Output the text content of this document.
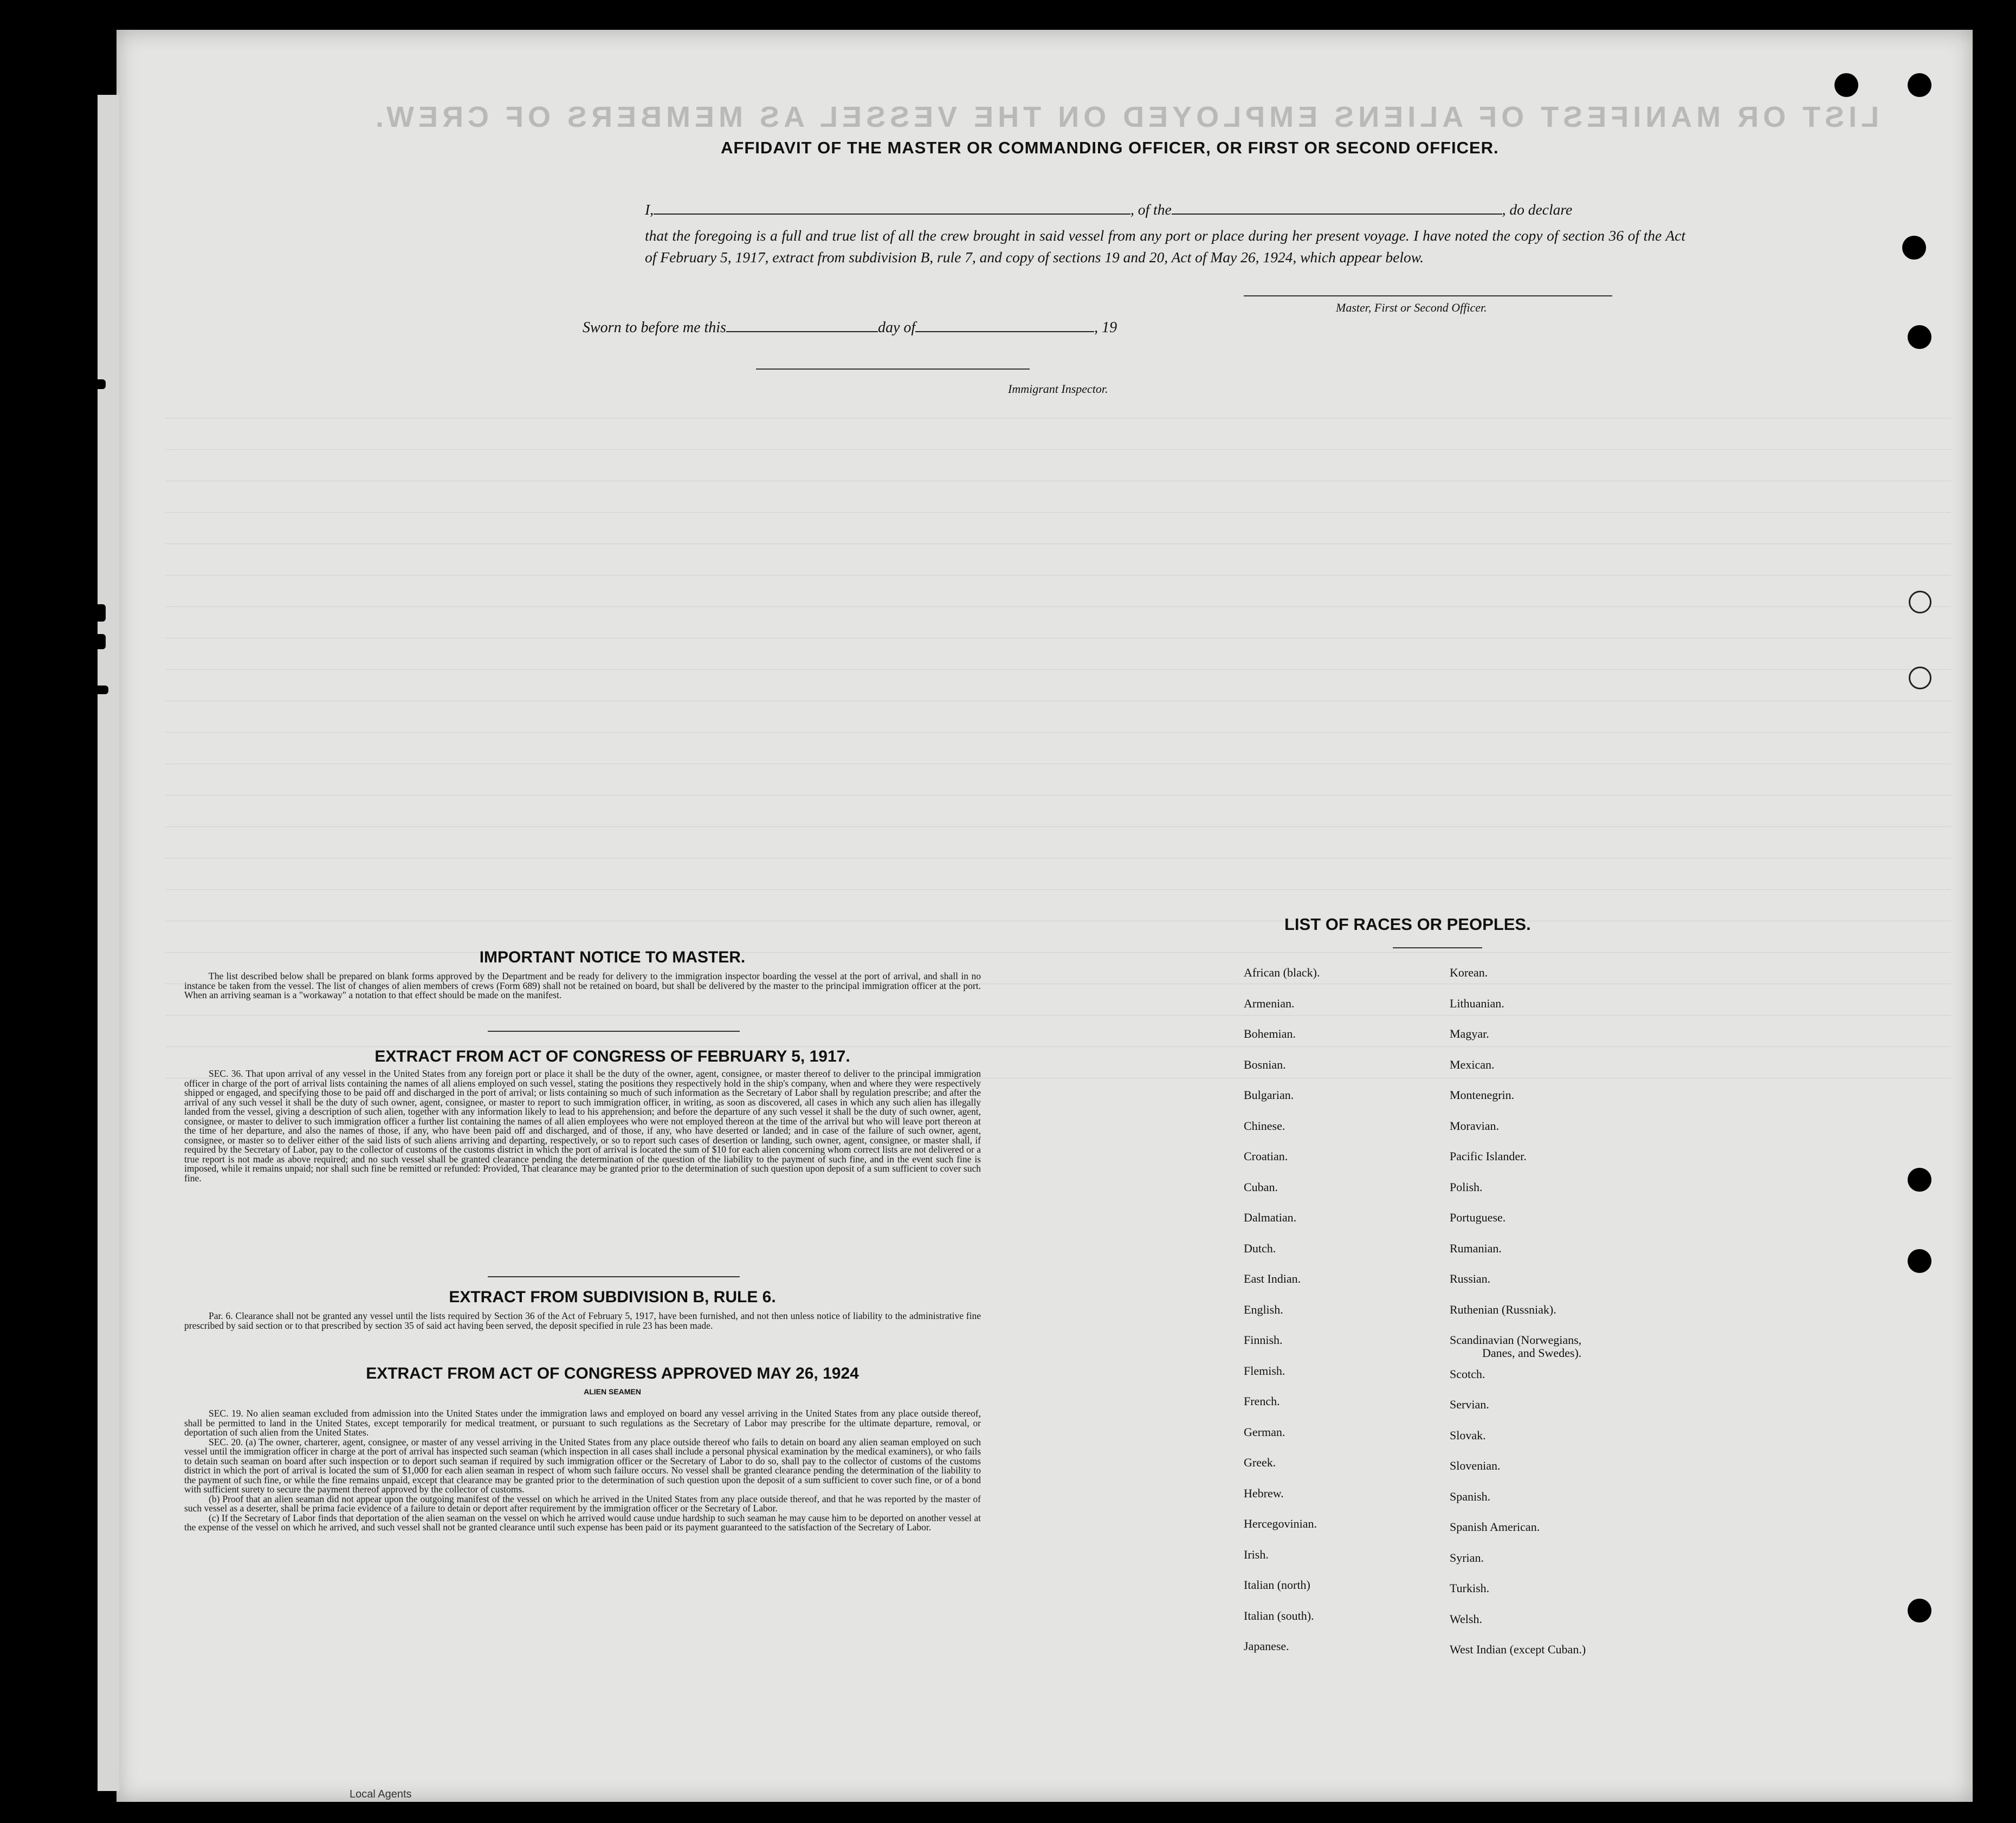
LIST OR MANIFEST OF ALIENS EMPLOYED ON THE VESSEL AS MEMBERS OF CREW.
AFFIDAVIT OF THE MASTER OR COMMANDING OFFICER, OR FIRST OR SECOND OFFICER.
I,	, of the	, do declare
that the foregoing is a full and true list of all the crew brought in said vessel from any port or place during her present voyage. I have noted the copy of section 36 of the Act of February 5, 1917, extract from subdivision B, rule 7, and copy of sections 19 and 20, Act of May 26, 1924, which appear below.
Master, First or Second Officer.
Sworn to before me this	day of	, 19
Immigrant Inspector.
IMPORTANT NOTICE TO MASTER.

The list described below shall be prepared on blank forms approved by the Department and be ready for delivery to the immigration inspector boarding the vessel at the port of arrival, and shall in no instance be taken from the vessel. The list of changes of alien members of crews (Form 689) shall not be retained on board, but shall be delivered by the master to the principal immigration officer at the port. When an arriving seaman is a "workaway" a notation to that effect should be made on the manifest.

EXTRACT FROM ACT OF CONGRESS OF FEBRUARY 5, 1917.

SEC. 36. That upon arrival of any vessel in the United States from any foreign port or place it shall be the duty of the owner, agent, consignee, or master thereof to deliver to the principal immigration officer in charge of the port of arrival lists containing the names of all aliens employed on such vessel, stating the positions they respectively hold in the ship's company, when and where they were respectively shipped or engaged, and specifying those to be paid off and discharged in the port of arrival; or lists containing so much of such information as the Secretary of Labor shall by regulation prescribe; and after the arrival of any such vessel it shall be the duty of such owner, agent, consignee, or master to report to such immigration officer, in writing, as soon as discovered, all cases in which any such alien has illegally landed from the vessel, giving a description of such alien, together with any information likely to lead to his apprehension; and before the departure of any such vessel it shall be the duty of such owner, agent, consignee, or master to deliver to such immigration officer a further list containing the names of all alien employees who were not employed thereon at the time of the arrival but who will leave port thereon at the time of her departure, and also the names of those, if any, who have been paid off and discharged, and of those, if any, who have deserted or landed; and in case of the failure of such owner, agent, consignee, or master so to deliver either of the said lists of such aliens arriving and departing, respectively, or so to report such cases of desertion or landing, such owner, agent, consignee, or master shall, if required by the Secretary of Labor, pay to the collector of customs of the customs district in which the port of arrival is located the sum of $10 for each alien concerning whom correct lists are not delivered or a true report is not made as above required; and no such vessel shall be granted clearance pending the determination of the question of the liability to the payment of such fine, and in the event such fine is imposed, while it remains unpaid; nor shall such fine be remitted or refunded: Provided, That clearance may be granted prior to the determination of such question upon deposit of a sum sufficient to cover such fine.

EXTRACT FROM SUBDIVISION B, RULE 6.

Par. 6. Clearance shall not be granted any vessel until the lists required by Section 36 of the Act of February 5, 1917, have been furnished, and not then unless notice of liability to the administrative fine prescribed by said section or to that prescribed by section 35 of said act having been served, the deposit specified in rule 23 has been made.

EXTRACT FROM ACT OF CONGRESS APPROVED MAY 26, 1924
ALIEN SEAMEN

SEC. 19. No alien seaman excluded from admission into the United States under the immigration laws and employed on board any vessel arriving in the United States from any place outside thereof, shall be permitted to land in the United States, except temporarily for medical treatment, or pursuant to such regulations as the Secretary of Labor may prescribe for the ultimate departure, removal, or deportation of such alien from the United States.

SEC. 20. (a) The owner, charterer, agent, consignee, or master of any vessel arriving in the United States from any place outside thereof who fails to detain on board any alien seaman employed on such vessel until the immigration officer in charge at the port of arrival has inspected such seaman (which inspection in all cases shall include a personal physical examination by the medical examiners), or who fails to detain such seaman on board after such inspection or to deport such seaman if required by such immigration officer or the Secretary of Labor to do so, shall pay to the collector of customs of the customs district in which the port of arrival is located the sum of $1,000 for each alien seaman in respect of whom such failure occurs. No vessel shall be granted clearance pending the determination of the liability to the payment of such fine, or while the fine remains unpaid, except that clearance may be granted prior to the determination of such question upon the deposit of a sum sufficient to cover such fine, or of a bond with sufficient surety to secure the payment thereof approved by the collector of customs.

(b) Proof that an alien seaman did not appear upon the outgoing manifest of the vessel on which he arrived in the United States from any place outside thereof, and that he was reported by the master of such vessel as a deserter, shall be prima facie evidence of a failure to detain or deport after requirement by the immigration officer or the Secretary of Labor.

(c) If the Secretary of Labor finds that deportation of the alien seaman on the vessel on which he arrived would cause undue hardship to such seaman he may cause him to be deported on another vessel at the expense of the vessel on which he arrived, and such vessel shall not be granted clearance until such expense has been paid or its payment guaranteed to the satisfaction of the Secretary of Labor.

LIST OF RACES OR PEOPLES.
African (black).
Armenian.
Bohemian.
Bosnian.
Bulgarian.
Chinese.
Croatian.
Cuban.
Dalmatian.
Dutch.
East Indian.
English.
Finnish.
Flemish.
French.
German.
Greek.
Hebrew.
Hercegovinian.
Irish.
Italian (north)
Italian (south).
Japanese.
Korean.
Lithuanian.
Magyar.
Mexican.
Montenegrin.
Moravian.
Pacific Islander.
Polish.
Portuguese.
Rumanian.
Russian.
Ruthenian (Russniak).
Scandinavian (Norwegians,
Danes, and Swedes).
Scotch.
Servian.
Slovak.
Slovenian.
Spanish.
Spanish American.
Syrian.
Turkish.
Welsh.
West Indian (except Cuban.)
Local Agents
